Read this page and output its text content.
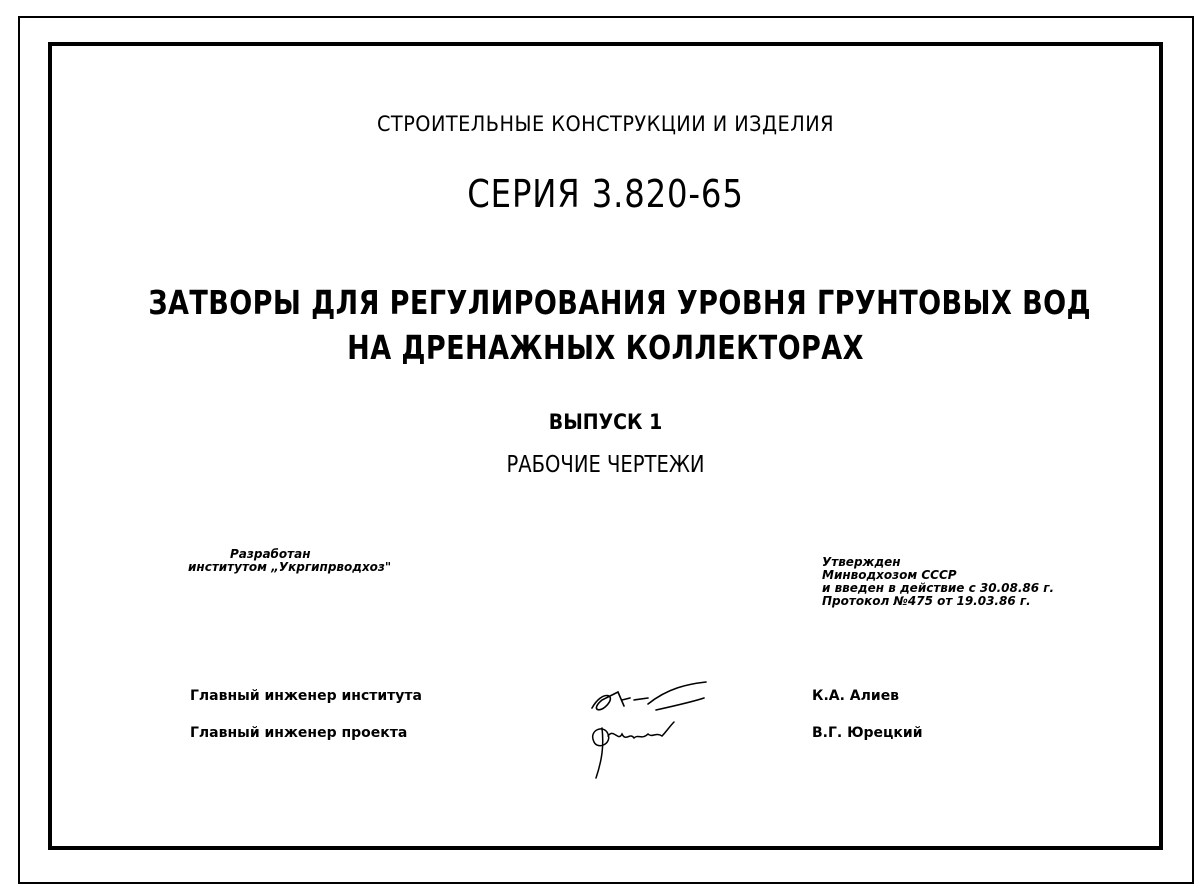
СТРОИТЕЛЬНЫЕ КОНСТРУКЦИИ И ИЗДЕЛИЯ
СЕРИЯ 3.820-65
ЗАТВОРЫ ДЛЯ РЕГУЛИРОВАНИЯ УРОВНЯ ГРУНТОВЫХ ВОД
НА ДРЕНАЖНЫХ КОЛЛЕКТОРАХ
ВЫПУСК 1
РАБОЧИЕ ЧЕРТЕЖИ
Разработан
институтом „Укргипрводхоз"	Утвержден
Минводхозом СССР
и введен в действие с 30.08.86 г.
Протокол №475 от 19.03.86 г.
Главный инженер института	К.А. Алиев
Главный инженер проекта	В.Г. Юрецкий
